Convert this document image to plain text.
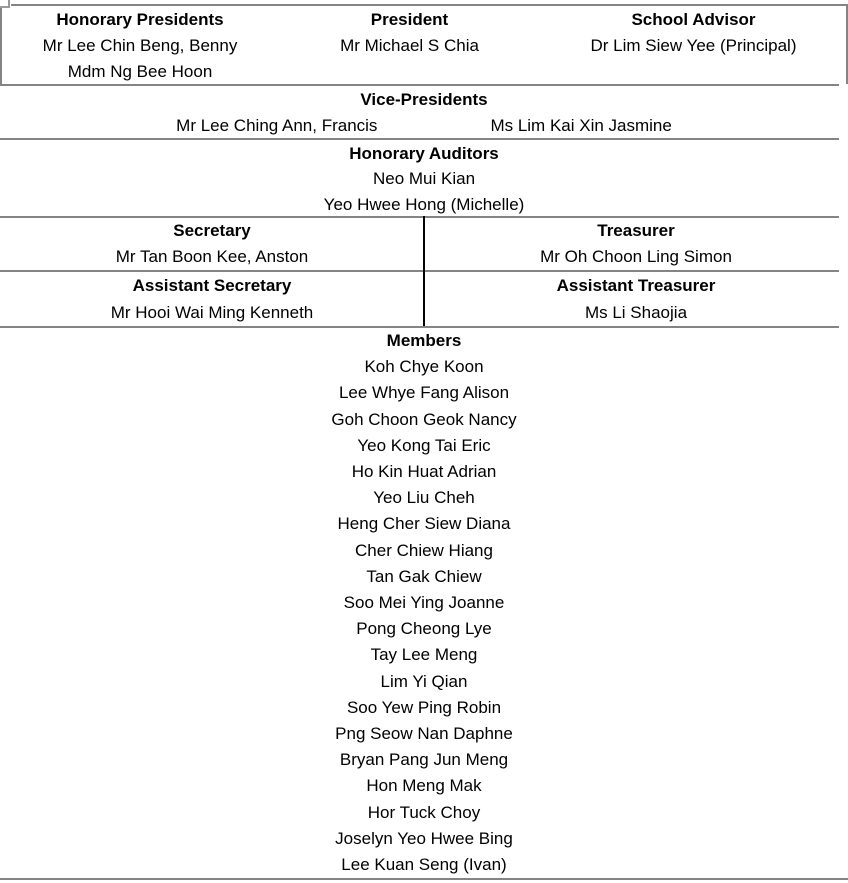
Honorary Presidents
Mr Lee Chin Beng, Benny
Mdm Ng Bee Hoon
President
Mr Michael S Chia
School Advisor
Dr Lim Siew Yee (Principal)
Vice-Presidents
Mr Lee Ching Ann, Francis	Ms Lim Kai Xin Jasmine
Honorary Auditors
Neo Mui Kian
Yeo Hwee Hong (Michelle)
Secretary
Mr Tan Boon Kee, Anston
Treasurer
Mr Oh Choon Ling Simon
Assistant Secretary
Mr Hooi Wai Ming Kenneth
Assistant Treasurer
Ms Li Shaojia
Members
Koh Chye Koon
Lee Whye Fang Alison
Goh Choon Geok Nancy
Yeo Kong Tai Eric
Ho Kin Huat Adrian
Yeo Liu Cheh
Heng Cher Siew Diana
Cher Chiew Hiang
Tan Gak Chiew
Soo Mei Ying Joanne
Pong Cheong Lye
Tay Lee Meng
Lim Yi Qian
Soo Yew Ping Robin
Png Seow Nan Daphne
Bryan Pang Jun Meng
Hon Meng Mak
Hor Tuck Choy
Joselyn Yeo Hwee Bing
Lee Kuan Seng (Ivan)
